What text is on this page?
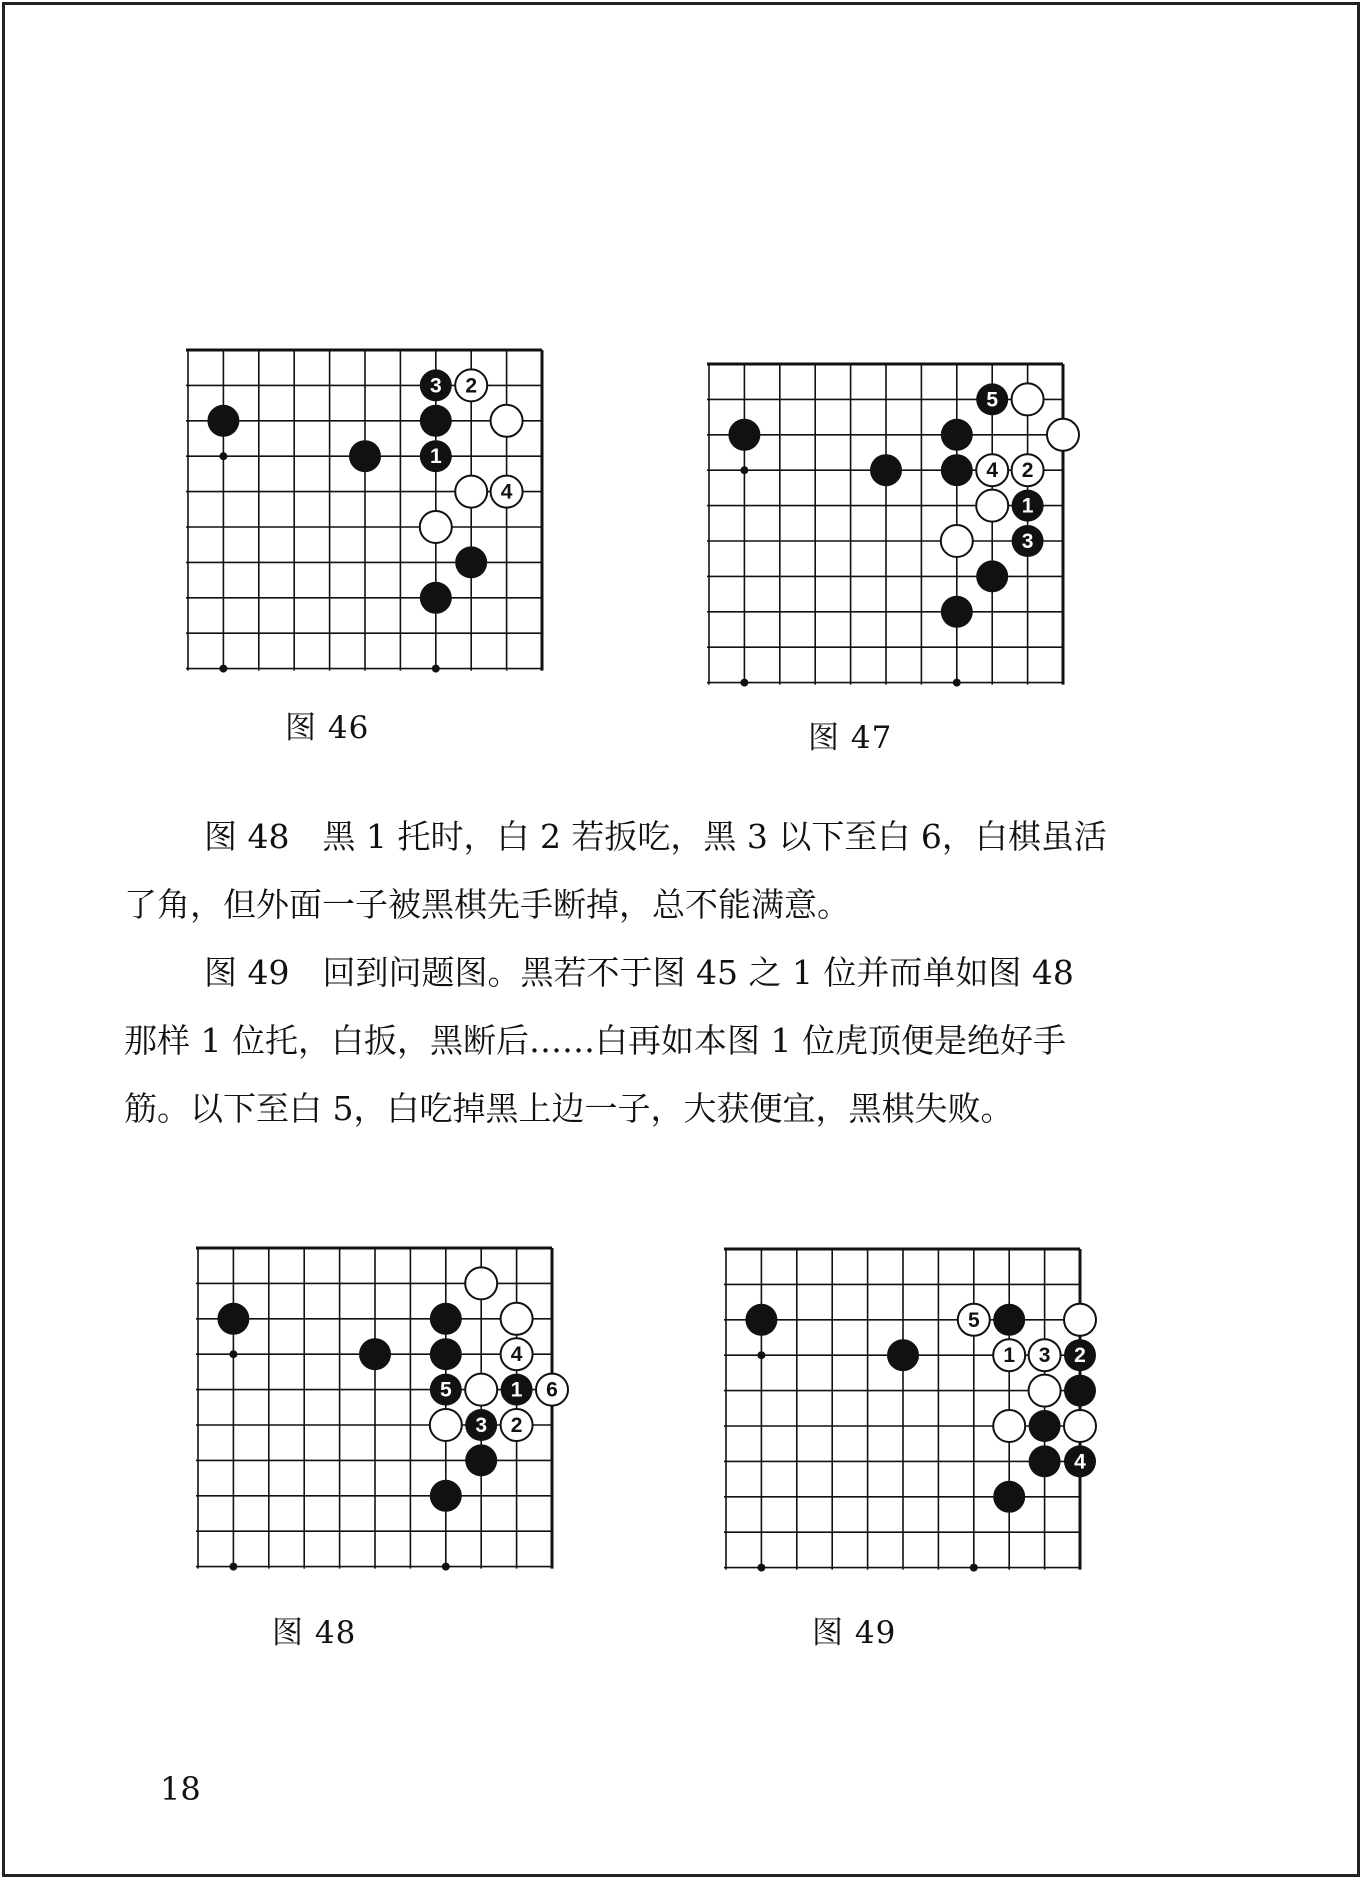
3 2
1
4
图 46
5
4 2
1
3
图 47

图 48　黑 1 托时，白 2 若扳吃，黑 3 以下至白 6，白棋虽活

了角，但外面一子被黑棋先手断掉，总不能满意。

图 49　回到问题图。黑若不于图 45 之 1 位并而单如图 48

那样 1 位托，白扳，黑断后……白再如本图 1 位虎顶便是绝好手

筋。以下至白 5，白吃掉黑上边一子，大获便宜，黑棋失败。

4
5	1 6
3 2
图 48
5
1 3 2
4
图 49
18
